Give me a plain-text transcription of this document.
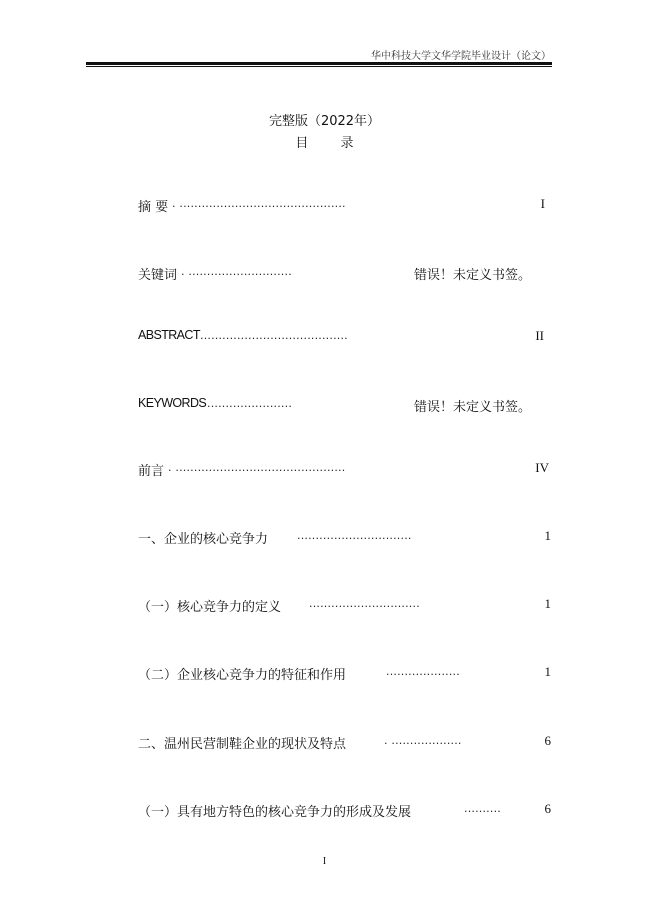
华中科技大学文华学院毕业设计（论文）
完整版（2022年）
目 录
摘 要 . .............................................	I
关键词 . ............................	错误！未定义书签。
ABSTRACT ........................................	II
KEYWORDS .......................	错误！未定义书签。
前言 . ..............................................	IV
一、企业的核心竞争力	...............................	1
（一）核心竞争力的定义	..............................	1
（二）企业核心竞争力的特征和作用	....................	1
二、温州民营制鞋企业的现状及特点	. ...................	6
（一）具有地方特色的核心竞争力的形成及发展	..........	6
I
